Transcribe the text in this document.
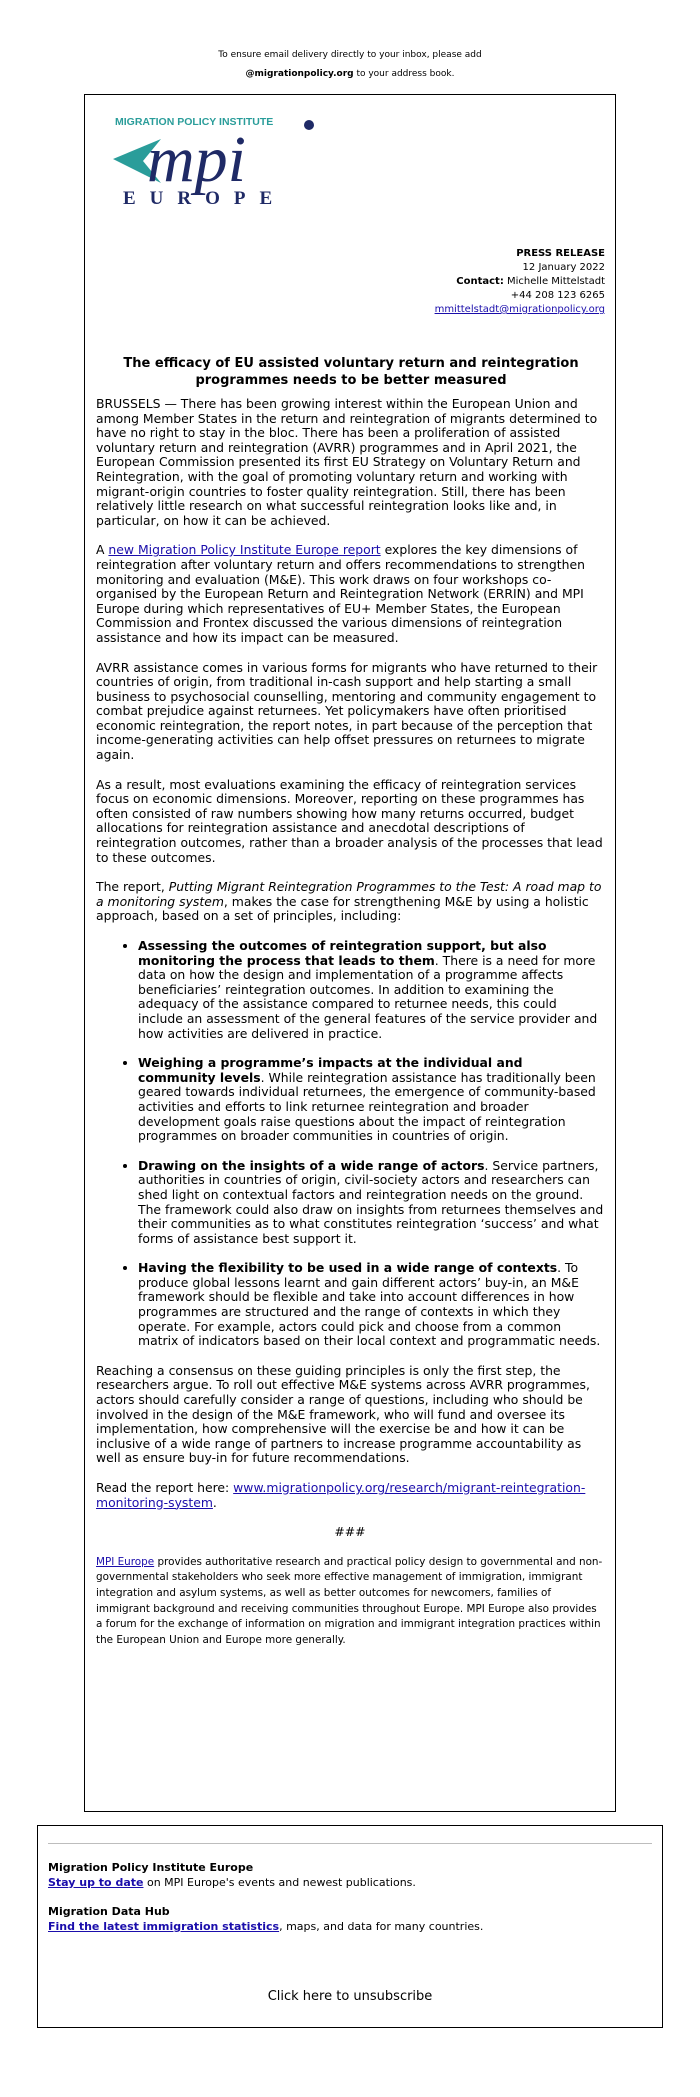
To ensure email delivery directly to your inbox, please add
@migrationpolicy.org to your address book.
MIGRATION POLICY INSTITUTE
mpi
EUROPE
PRESS RELEASE
12 January 2022
Contact: Michelle Mittelstadt
+44 208 123 6265
mmittelstadt@migrationpolicy.org
The efficacy of EU assisted voluntary return and reintegration programmes needs to be better measured

BRUSSELS — There has been growing interest within the European Union and among Member States in the return and reintegration of migrants determined to have no right to stay in the bloc. There has been a proliferation of assisted voluntary return and reintegration (AVRR) programmes and in April 2021, the European Commission presented its first EU Strategy on Voluntary Return and Reintegration, with the goal of promoting voluntary return and working with migrant-origin countries to foster quality reintegration. Still, there has been relatively little research on what successful reintegration looks like and, in particular, on how it can be achieved.

A new Migration Policy Institute Europe report explores the key dimensions of reintegration after voluntary return and offers recommendations to strengthen monitoring and evaluation (M&E). This work draws on four workshops co-organised by the European Return and Reintegration Network (ERRIN) and MPI Europe during which representatives of EU+ Member States, the European Commission and Frontex discussed the various dimensions of reintegration assistance and how its impact can be measured.

AVRR assistance comes in various forms for migrants who have returned to their countries of origin, from traditional in-cash support and help starting a small business to psychosocial counselling, mentoring and community engagement to combat prejudice against returnees. Yet policymakers have often prioritised economic reintegration, the report notes, in part because of the perception that income-generating activities can help offset pressures on returnees to migrate again.

As a result, most evaluations examining the efficacy of reintegration services focus on economic dimensions. Moreover, reporting on these programmes has often consisted of raw numbers showing how many returns occurred, budget allocations for reintegration assistance and anecdotal descriptions of reintegration outcomes, rather than a broader analysis of the processes that lead to these outcomes.

The report, Putting Migrant Reintegration Programmes to the Test: A road map to a monitoring system, makes the case for strengthening M&E by using a holistic approach, based on a set of principles, including:

• Assessing the outcomes of reintegration support, but also monitoring the process that leads to them. There is a need for more data on how the design and implementation of a programme affects beneficiaries’ reintegration outcomes. In addition to examining the adequacy of the assistance compared to returnee needs, this could include an assessment of the general features of the service provider and how activities are delivered in practice.
• Weighing a programme’s impacts at the individual and community levels. While reintegration assistance has traditionally been geared towards individual returnees, the emergence of community-based activities and efforts to link returnee reintegration and broader development goals raise questions about the impact of reintegration programmes on broader communities in countries of origin.
• Drawing on the insights of a wide range of actors. Service partners, authorities in countries of origin, civil-society actors and researchers can shed light on contextual factors and reintegration needs on the ground. The framework could also draw on insights from returnees themselves and their communities as to what constitutes reintegration ‘success’ and what forms of assistance best support it.
• Having the flexibility to be used in a wide range of contexts. To produce global lessons learnt and gain different actors’ buy-in, an M&E framework should be flexible and take into account differences in how programmes are structured and the range of contexts in which they operate. For example, actors could pick and choose from a common matrix of indicators based on their local context and programmatic needs.

Reaching a consensus on these guiding principles is only the first step, the researchers argue. To roll out effective M&E systems across AVRR programmes, actors should carefully consider a range of questions, including who should be involved in the design of the M&E framework, who will fund and oversee its implementation, how comprehensive will the exercise be and how it can be inclusive of a wide range of partners to increase programme accountability as well as ensure buy-in for future recommendations.

Read the report here: www.migrationpolicy.org/research/migrant-reintegration-monitoring-system.

###

MPI Europe provides authoritative research and practical policy design to governmental and non-governmental stakeholders who seek more effective management of immigration, immigrant integration and asylum systems, as well as better outcomes for newcomers, families of immigrant background and receiving communities throughout Europe. MPI Europe also provides a forum for the exchange of information on migration and immigrant integration practices within the European Union and Europe more generally.

Migration Policy Institute Europe
Stay up to date on MPI Europe's events and newest publications.
Migration Data Hub
Find the latest immigration statistics, maps, and data for many countries.
Click here to unsubscribe
